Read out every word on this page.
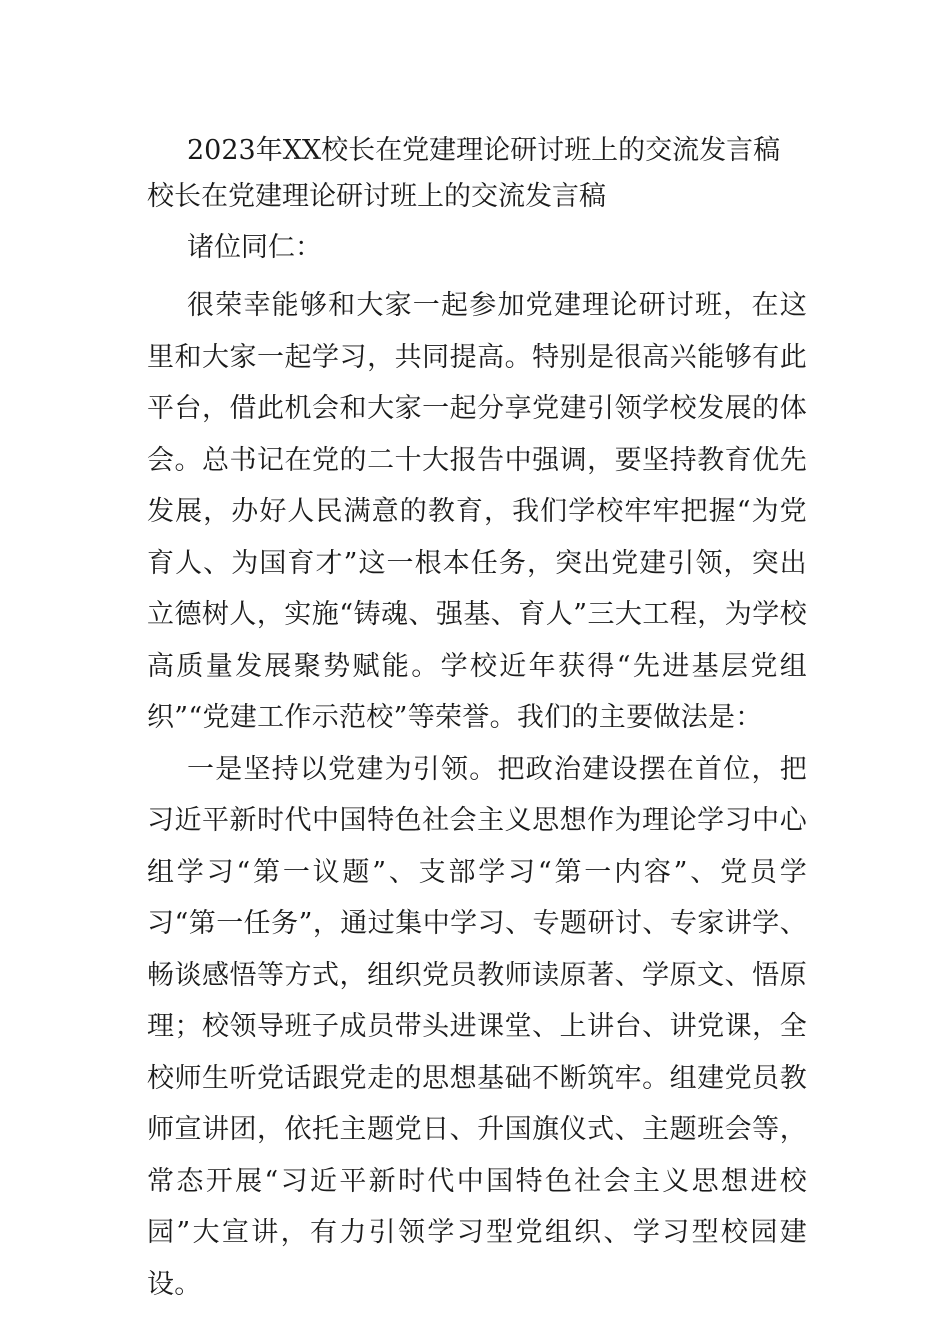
2023年XX校长在党建理论研讨班上的交流发言稿

校长在党建理论研讨班上的交流发言稿

诸位同仁：

很荣幸能够和大家一起参加党建理论研讨班，在这里和大家一起学习，共同提高。特别是很高兴能够有此平台，借此机会和大家一起分享党建引领学校发展的体会。总书记在党的二十大报告中强调，要坚持教育优先发展，办好人民满意的教育，我们学校牢牢把握“为党育人、为国育才”这一根本任务，突出党建引领，突出立德树人，实施“铸魂、强基、育人”三大工程，为学校高质量发展聚势赋能。学校近年获得“先进基层党组织”“党建工作示范校”等荣誉。我们的主要做法是：

一是坚持以党建为引领。把政治建设摆在首位，把习近平新时代中国特色社会主义思想作为理论学习中心组学习“第一议题”、支部学习“第一内容”、党员学习“第一任务”，通过集中学习、专题研讨、专家讲学、畅谈感悟等方式，组织党员教师读原著、学原文、悟原理；校领导班子成员带头进课堂、上讲台、讲党课，全校师生听党话跟党走的思想基础不断筑牢。组建党员教师宣讲团，依托主题党日、升国旗仪式、主题班会等，常态开展“习近平新时代中国特色社会主义思想进校园”大宣讲，有力引领学习型党组织、学习型校园建设。
